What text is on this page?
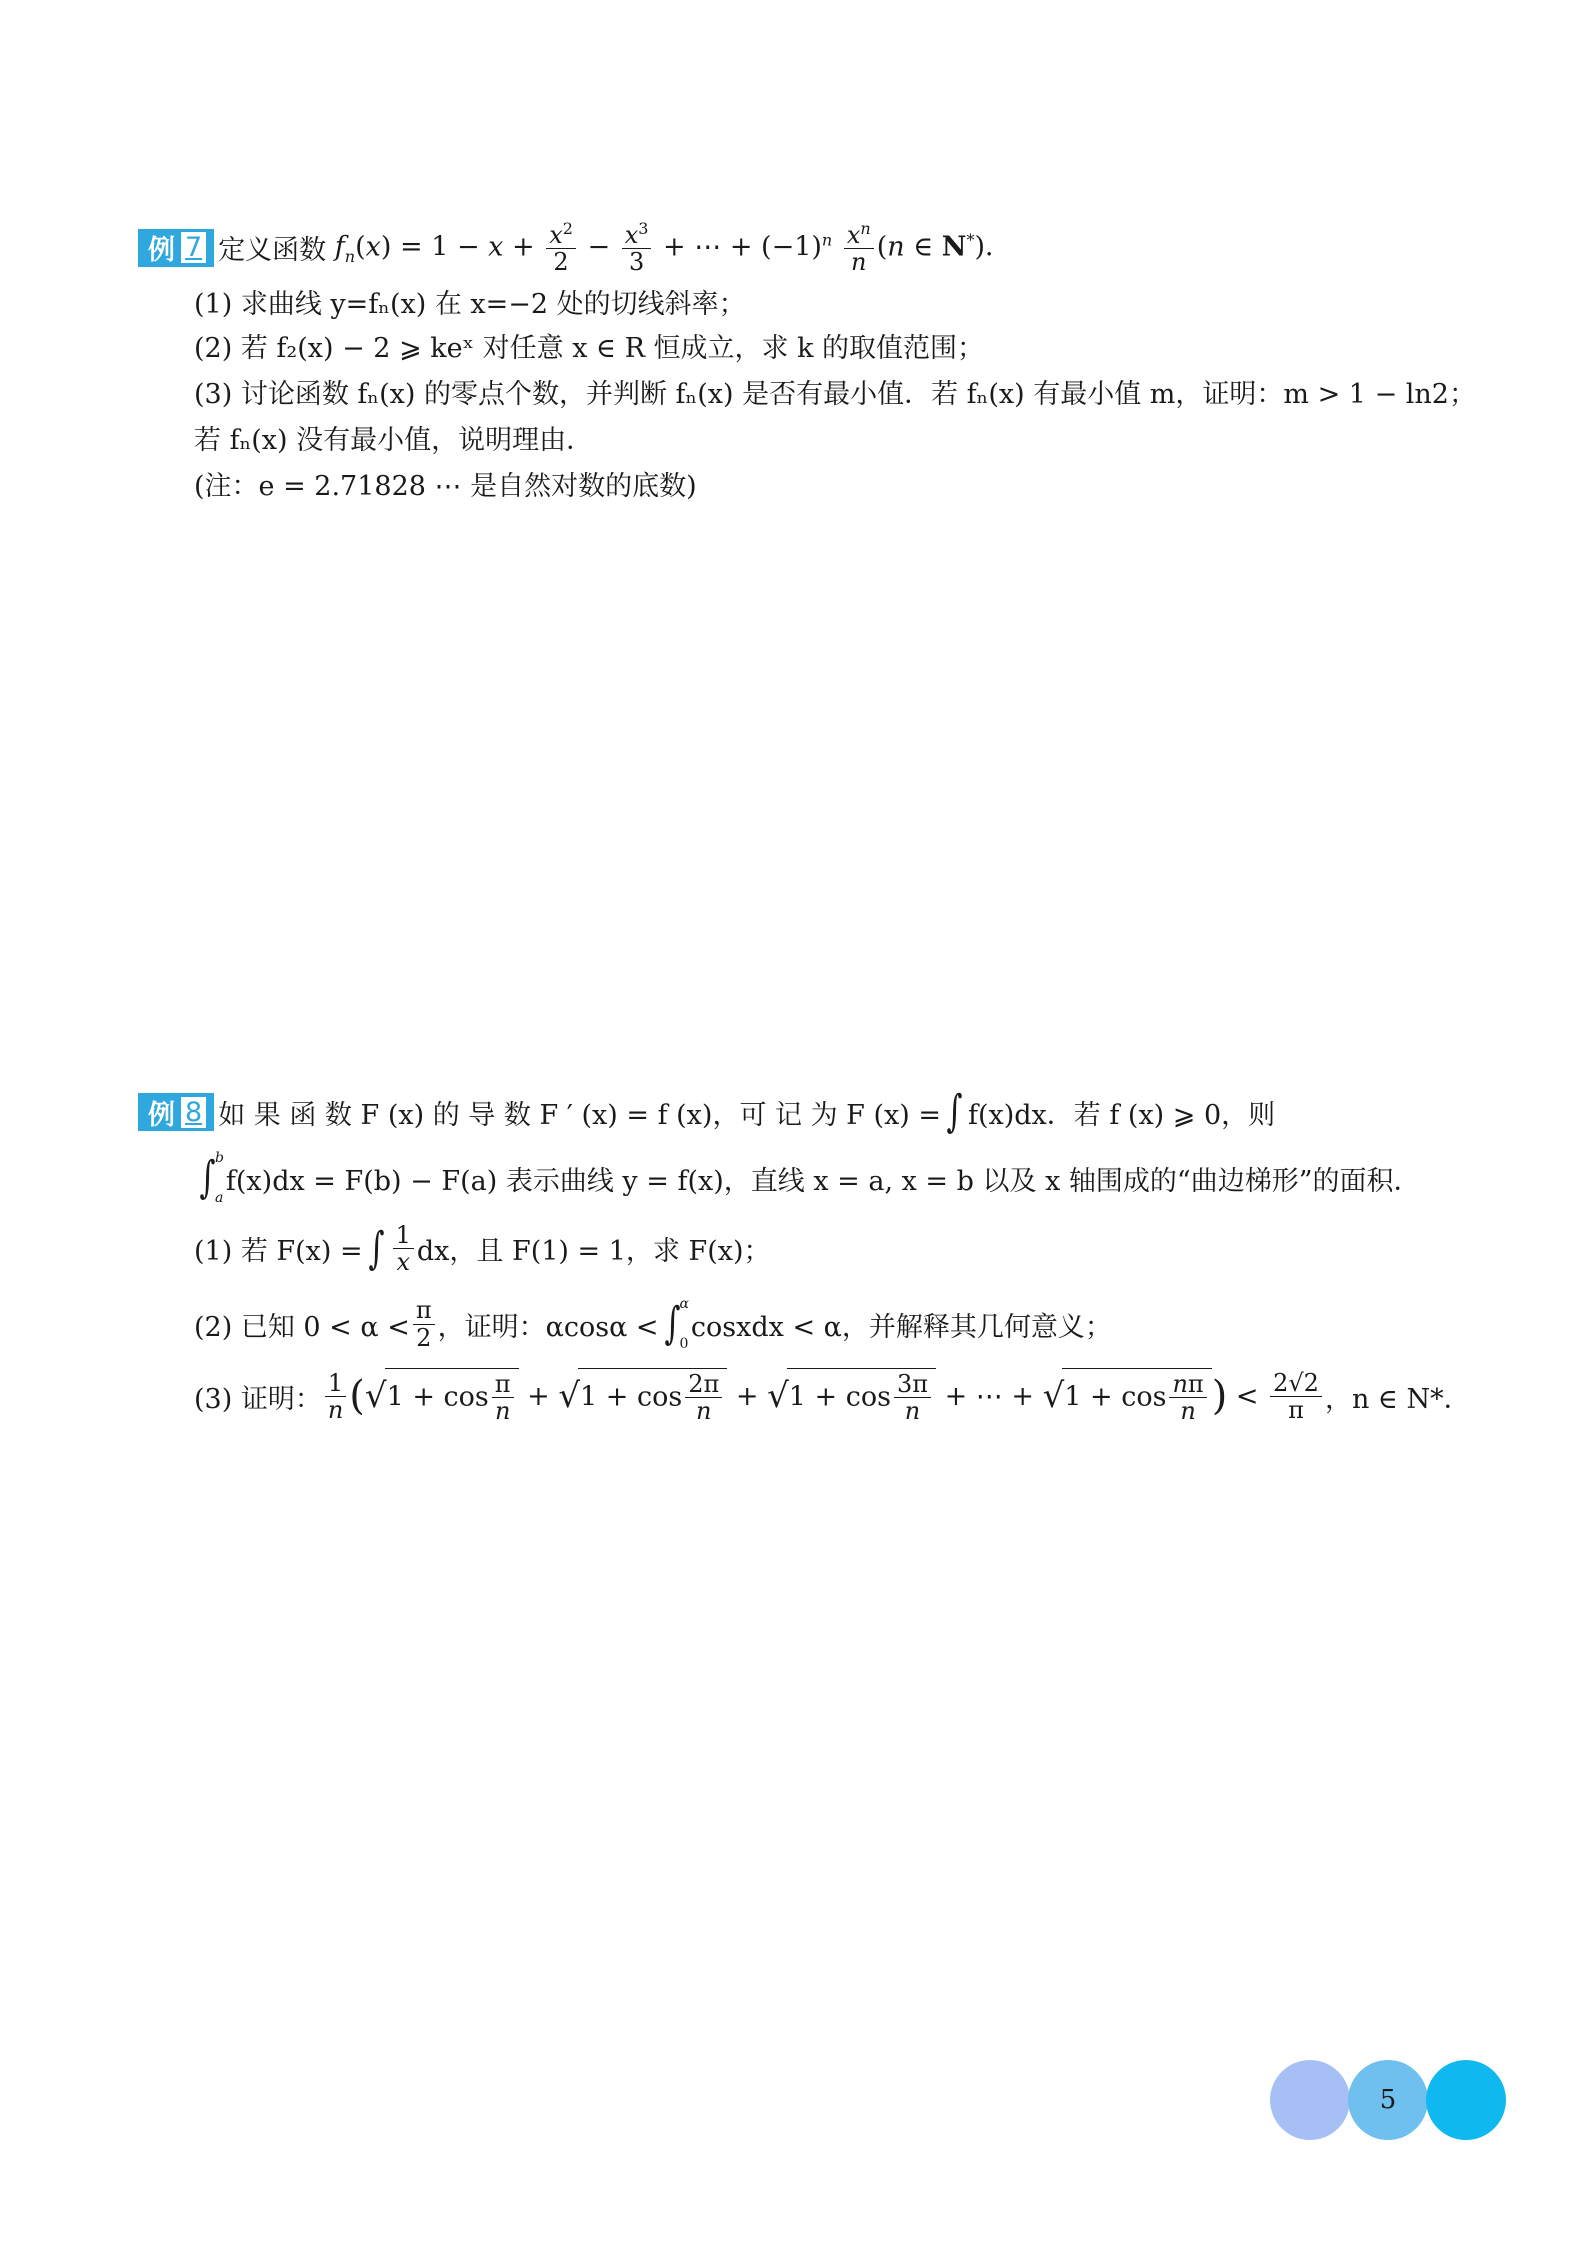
例 7 定义函数 $f_n(x) = 1 - x + \frac{x^2}{2} - \frac{x^3}{3}$ + ⋯ + $(-1)^n \frac{x^n}{n} (n$ ∈ N*)．
(1) 求曲线 y=fₙ(x) 在 x=−2 处的切线斜率；
(2) 若 f₂(x) − 2 ⩾ keˣ 对任意 x ∈ R 恒成立，求 k 的取值范围；
(3) 讨论函数 fₙ(x) 的零点个数，并判断 fₙ(x) 是否有最小值．若 fₙ(x) 有最小值 m，证明：m > 1 − ln2；
若 fₙ(x) 没有最小值，说明理由．
(注：e = 2.71828 ⋯ 是自然对数的底数)
例 8 如 果 函 数 F (x) 的 导 数 F ′ (x) = f (x)，可 记 为 F (x) = ∫ f(x)dx．若 f (x) ⩾ 0，则
∫ b
a
f(x)dx = F(b) − F(a) 表示曲线 y = f(x)，直线 x = a, x = b 以及 x 轴围成的“曲边梯形”的面积．
(1) 若 F(x) = ∫ $\frac{1}{x}$ dx，且 F(1) = 1，求 F(x)；
(2) 已知 $0 < \alpha < \frac{\pi}{2}$ ，证明：αcosα < ∫ α
0
cosxdx < α，并解释其几何意义；
(3) 证明： $\frac{1}{n}$ ( √ $1 + \cos \frac{\pi}{n}$ + √ $1 + \cos \frac{2\pi}{n}$ + √ $1 + \cos \frac{3\pi}{n}$ + ⋯ + √ $1 + \cos \frac{n\pi}{n}$ ) < $\frac{2√2}{\pi}$ ，n ∈ N*．
5
